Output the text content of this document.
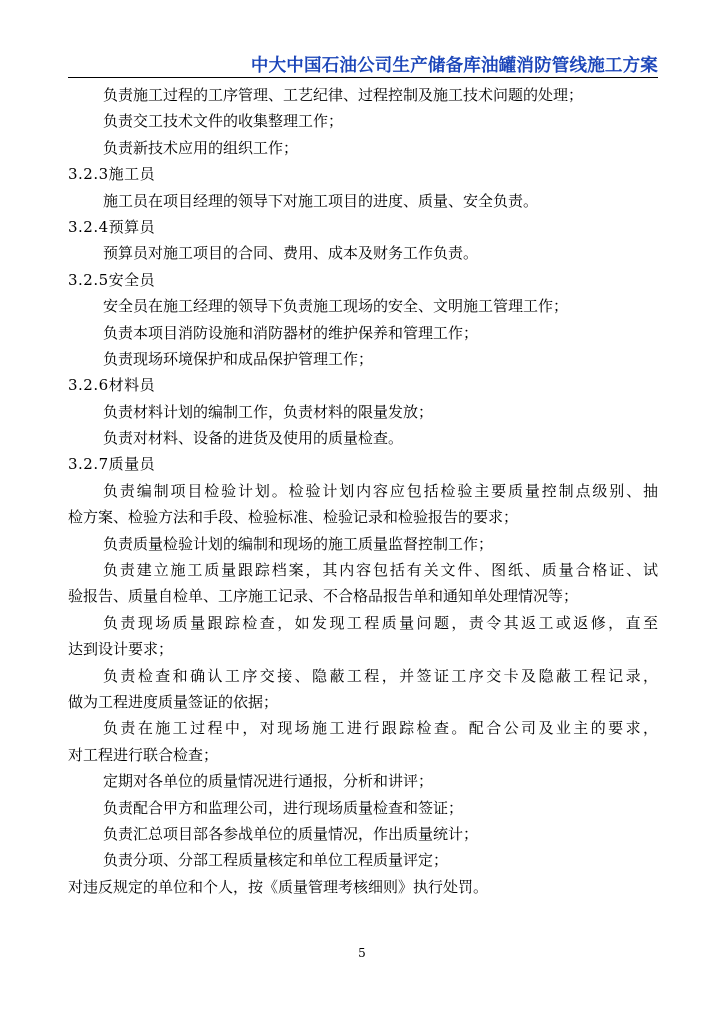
中大中国石油公司生产储备库油罐消防管线施工方案
负责施工过程的工序管理、工艺纪律、过程控制及施工技术问题的处理；
负责交工技术文件的收集整理工作；
负责新技术应用的组织工作；
3.2.3施工员
施工员在项目经理的领导下对施工项目的进度、质量、安全负责。
3.2.4预算员
预算员对施工项目的合同、费用、成本及财务工作负责。
3.2.5安全员
安全员在施工经理的领导下负责施工现场的安全、文明施工管理工作；
负责本项目消防设施和消防器材的维护保养和管理工作；
负责现场环境保护和成品保护管理工作；
3.2.6材料员
负责材料计划的编制工作，负责材料的限量发放；
负责对材料、设备的进货及使用的质量检查。
3.2.7质量员
负责编制项目检验计划。检验计划内容应包括检验主要质量控制点级别、抽
检方案、检验方法和手段、检验标准、检验记录和检验报告的要求；
负责质量检验计划的编制和现场的施工质量监督控制工作；
负责建立施工质量跟踪档案，其内容包括有关文件、图纸、质量合格证、试
验报告、质量自检单、工序施工记录、不合格品报告单和通知单处理情况等；
负责现场质量跟踪检查，如发现工程质量问题，责令其返工或返修，直至
达到设计要求；
负责检查和确认工序交接、隐蔽工程，并签证工序交卡及隐蔽工程记录，
做为工程进度质量签证的依据；
负责在施工过程中，对现场施工进行跟踪检查。配合公司及业主的要求，
对工程进行联合检查；
定期对各单位的质量情况进行通报，分析和讲评；
负责配合甲方和监理公司，进行现场质量检查和签证；
负责汇总项目部各参战单位的质量情况，作出质量统计；
负责分项、分部工程质量核定和单位工程质量评定；
对违反规定的单位和个人，按《质量管理考核细则》执行处罚。
5
